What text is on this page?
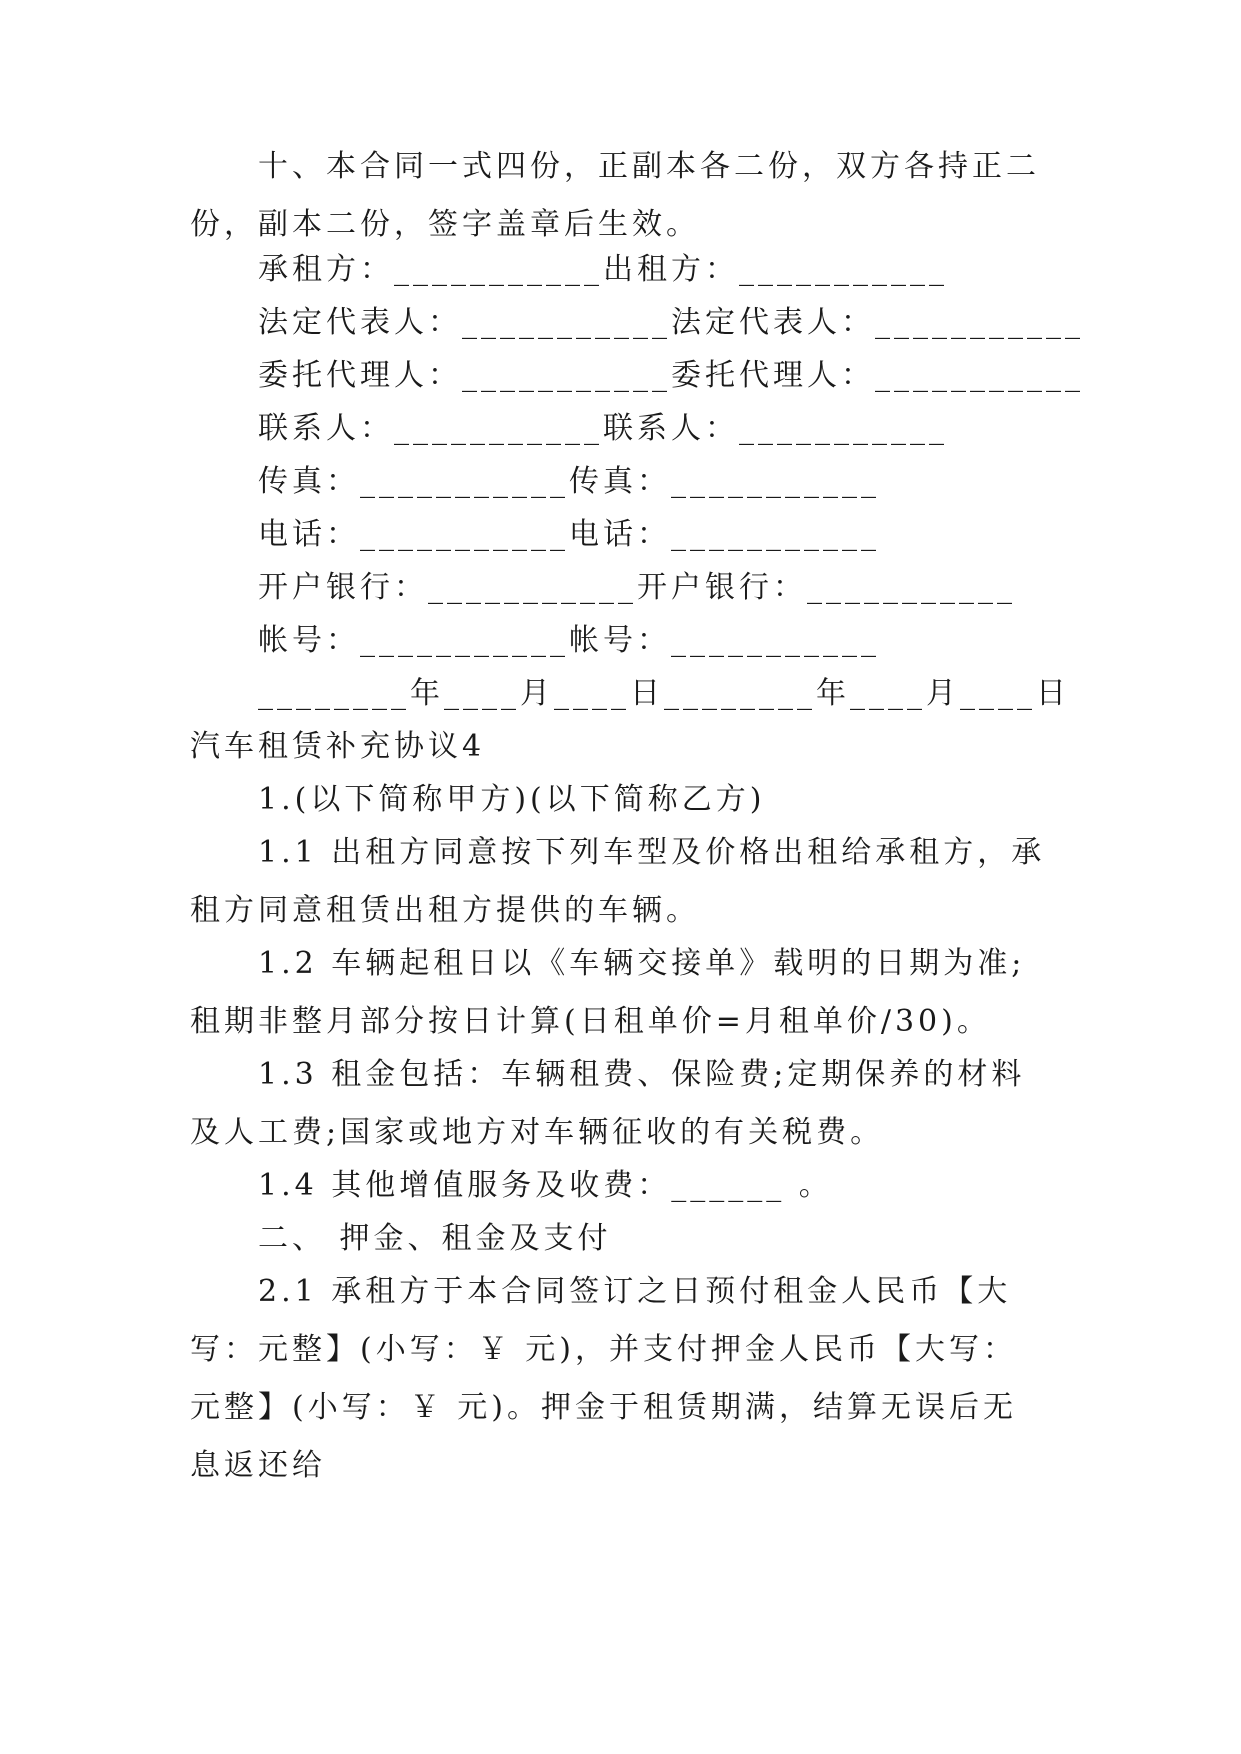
　　十、本合同一式四份，正副本各二份，双方各持正二份，副本二份，签字盖章后生效。

　　承租方：___________出租方：___________

　　法定代表人：___________法定代表人：___________

　　委托代理人：___________委托代理人：___________

　　联系人：___________联系人：___________

　　传真：___________传真：___________

　　电话：___________电话：___________

　　开户银行：___________开户银行：___________

　　帐号：___________帐号：___________

　　________年____月____日________年____月____日

汽车租赁补充协议4

　　1.(以下简称甲方)(以下简称乙方)

　　1.1 出租方同意按下列车型及价格出租给承租方，承租方同意租赁出租方提供的车辆。

　　1.2 车辆起租日以《车辆交接单》载明的日期为准;租期非整月部分按日计算(日租单价=月租单价/30)。

　　1.3 租金包括：车辆租费、保险费;定期保养的材料及人工费;国家或地方对车辆征收的有关税费。

　　1.4 其他增值服务及收费：______ 。

　　二、 押金、租金及支付

　　2.1 承租方于本合同签订之日预付租金人民币【大写：元整】(小写：￥ 元)，并支付押金人民币【大写： 元整】(小写：￥ 元)。押金于租赁期满，结算无误后无息返还给
